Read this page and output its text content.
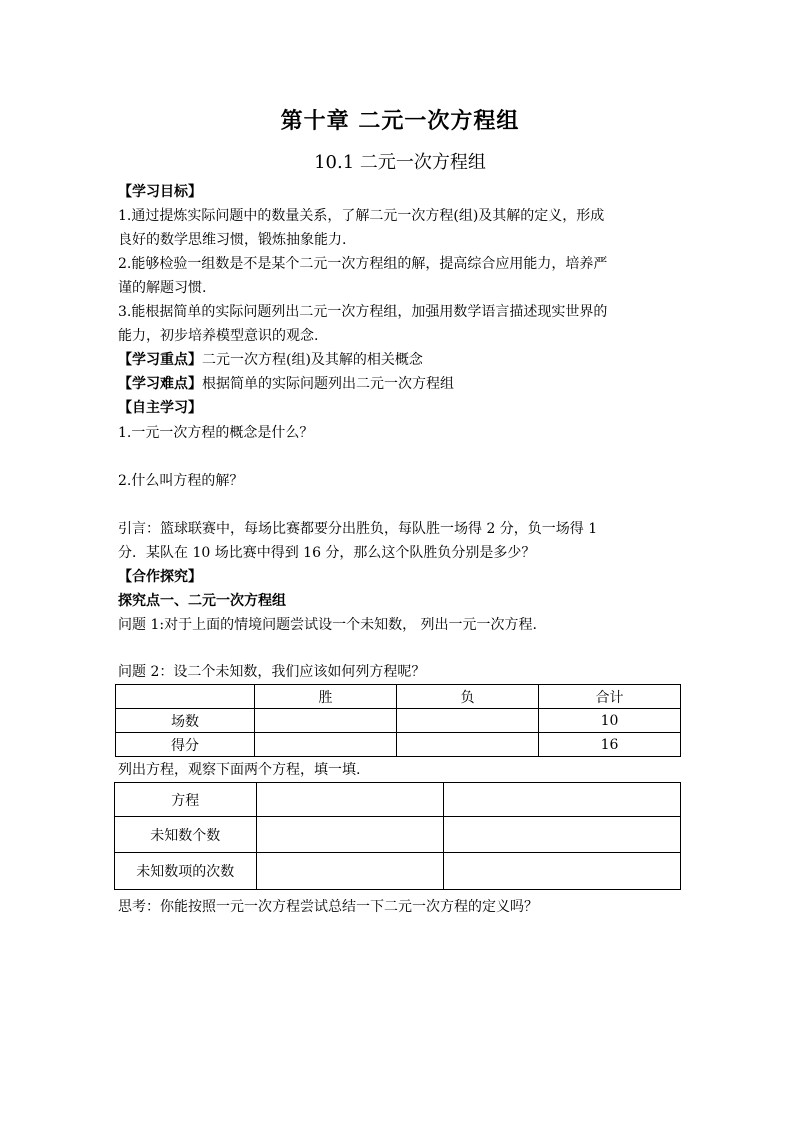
第十章 二元一次方程组
10.1 二元一次方程组
【学习目标】
1.通过提炼实际问题中的数量关系，了解二元一次方程(组)及其解的定义，形成
良好的数学思维习惯，锻炼抽象能力.
2.能够检验一组数是不是某个二元一次方程组的解，提高综合应用能力，培养严
谨的解题习惯.
3.能根据简单的实际问题列出二元一次方程组，加强用数学语言描述现实世界的
能力，初步培养模型意识的观念.
【学习重点】二元一次方程(组)及其解的相关概念
【学习难点】根据简单的实际问题列出二元一次方程组
【自主学习】
1.一元一次方程的概念是什么？
2.什么叫方程的解？
引言：篮球联赛中，每场比赛都要分出胜负，每队胜一场得 2 分，负一场得 1
分．某队在 10 场比赛中得到 16 分，那么这个队胜负分别是多少？
【合作探究】
探究点一、二元一次方程组
问题 1:对于上面的情境问题尝试设一个未知数， 列出一元一次方程.
问题 2：设二个未知数，我们应该如何列方程呢？
	胜	负	合计
场数			10
得分			16
列出方程，观察下面两个方程，填一填.
方程		
未知数个数		
未知数项的次数		
思考：你能按照一元一次方程尝试总结一下二元一次方程的定义吗？
